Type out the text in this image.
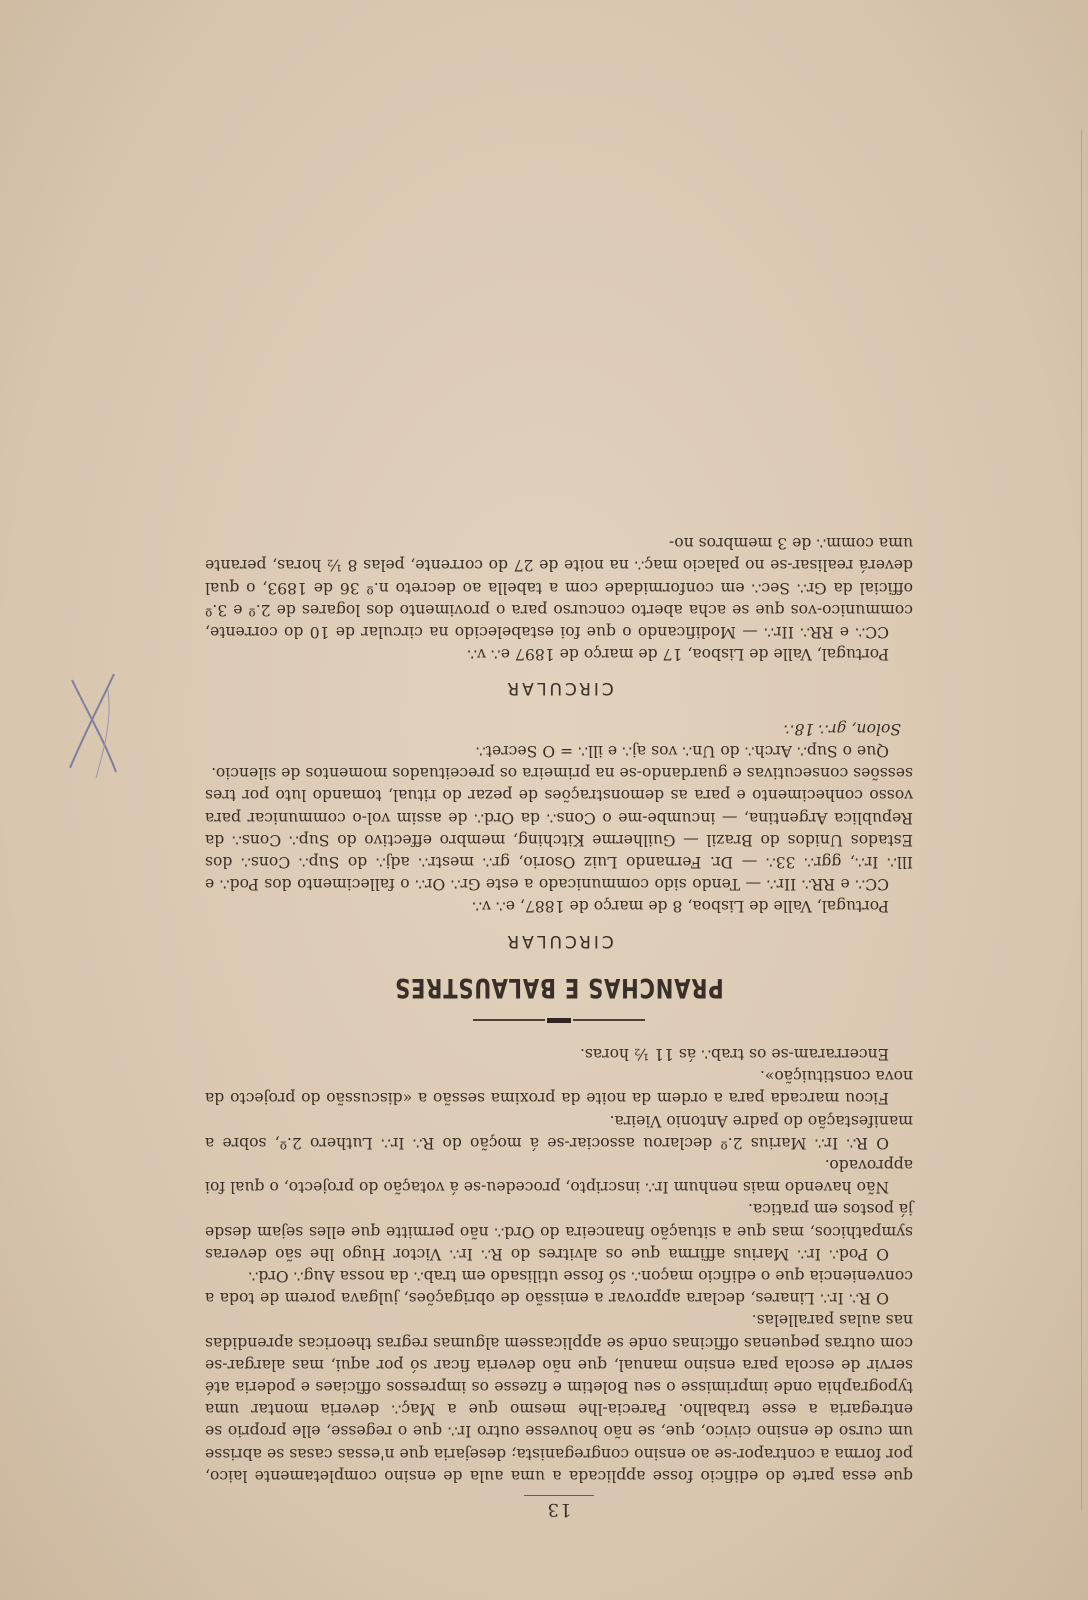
13

que essa parte do edificio fosse applicada a uma aula de ensino completamente laico, por forma a contrapor-se ao ensino congreganista; desejaria que n'essas casas se abrisse um curso de ensino civico, que, se não houvesse outro Ir∴ que o regesse, elle proprio se entregaria a esse trabalho. Parecia-lhe mesmo que a Maç∴ deveria montar uma typographia onde imprimisse o seu Boletim e fizesse os impressos officiaes e poderia até servir de escola para ensino manual, que não deveria ficar só por aqui, mas alargar-se com outras pequenas officinas onde se applicassem algumas regras theoricas aprendidas nas aulas parallelas.

O R∴ Ir∴ Linares, declara approvar a emissão de obrigações, julgava porem de toda a conveniencia que o edificio maçon∴ só fosse utilisado em trab∴ da nossa Aug∴ Ord∴

O Pod∴ Ir∴ Marius affirma que os alvitres do R∴ Ir∴ Victor Hugo lhe são deveras sympathicos, mas que a situação financeira do Ord∴ não permitte que elles sejam desde já postos em pratica.

Não havendo mais nenhum Ir∴ inscripto, procedeu-se á votação do projecto, o qual foi approvado.

O R∴ Ir∴ Marius 2.º declarou associar-se á moção do R∴ Ir∴ Luthero 2.º, sobre a manifestação do padre Antonio Vieira.

Ficou marcada para a ordem da noite da proxima sessão a «discussão do projecto da nova constituição».

Encerraram-se os trab∴ ás 11 ½ horas.

PRANCHAS E BALAUSTRES
CIRCULAR

Portugal, Valle de Lisboa, 8 de março de 1887, e∴ v∴

CC∴ e RR∴ IIr∴ — Tendo sido communicado a este Gr∴ Or∴ o fallecimento dos Pod∴ e Ill∴ Ir∴, ggr∴ 33∴ — Dr. Fernando Luiz Osorio, gr∴ mestr∴ adj∴ do Sup∴ Cons∴ dos Estados Unidos do Brazil — Guilherme Kitching, membro effectivo do Sup∴ Cons∴ da Republica Argentina, — incumbe-me o Cons∴ da Ord∴ de assim vol-o communicar para vosso conhecimento e para as demonstrações de pezar do ritual, tomando luto por tres sessões consecutivas e guardando-se na primeira os preceituados momentos de silencio.

Que o Sup∴ Arch∴ do Un∴ vos aj∴ e ill∴ = O Secret∴

Solon, gr∴ 18∴

CIRCULAR

Portugal, Valle de Lisboa, 17 de março de 1897 e∴ v∴

CC∴ e RR∴ IIr∴ — Modificando o que foi estabelecido na circular de 10 do corrente, communico-vos que se acha aberto concurso para o provimento dos logares de 2.º e 3.º official da Gr∴ Sec∴ em conformidade com a tabella ao decreto n.º 36 de 1893, o qual deverá realisar-se no palacio maç∴ na noite de 27 do corrente, pelas 8 ½ horas, perante uma comm∴ de 3 membros no-
